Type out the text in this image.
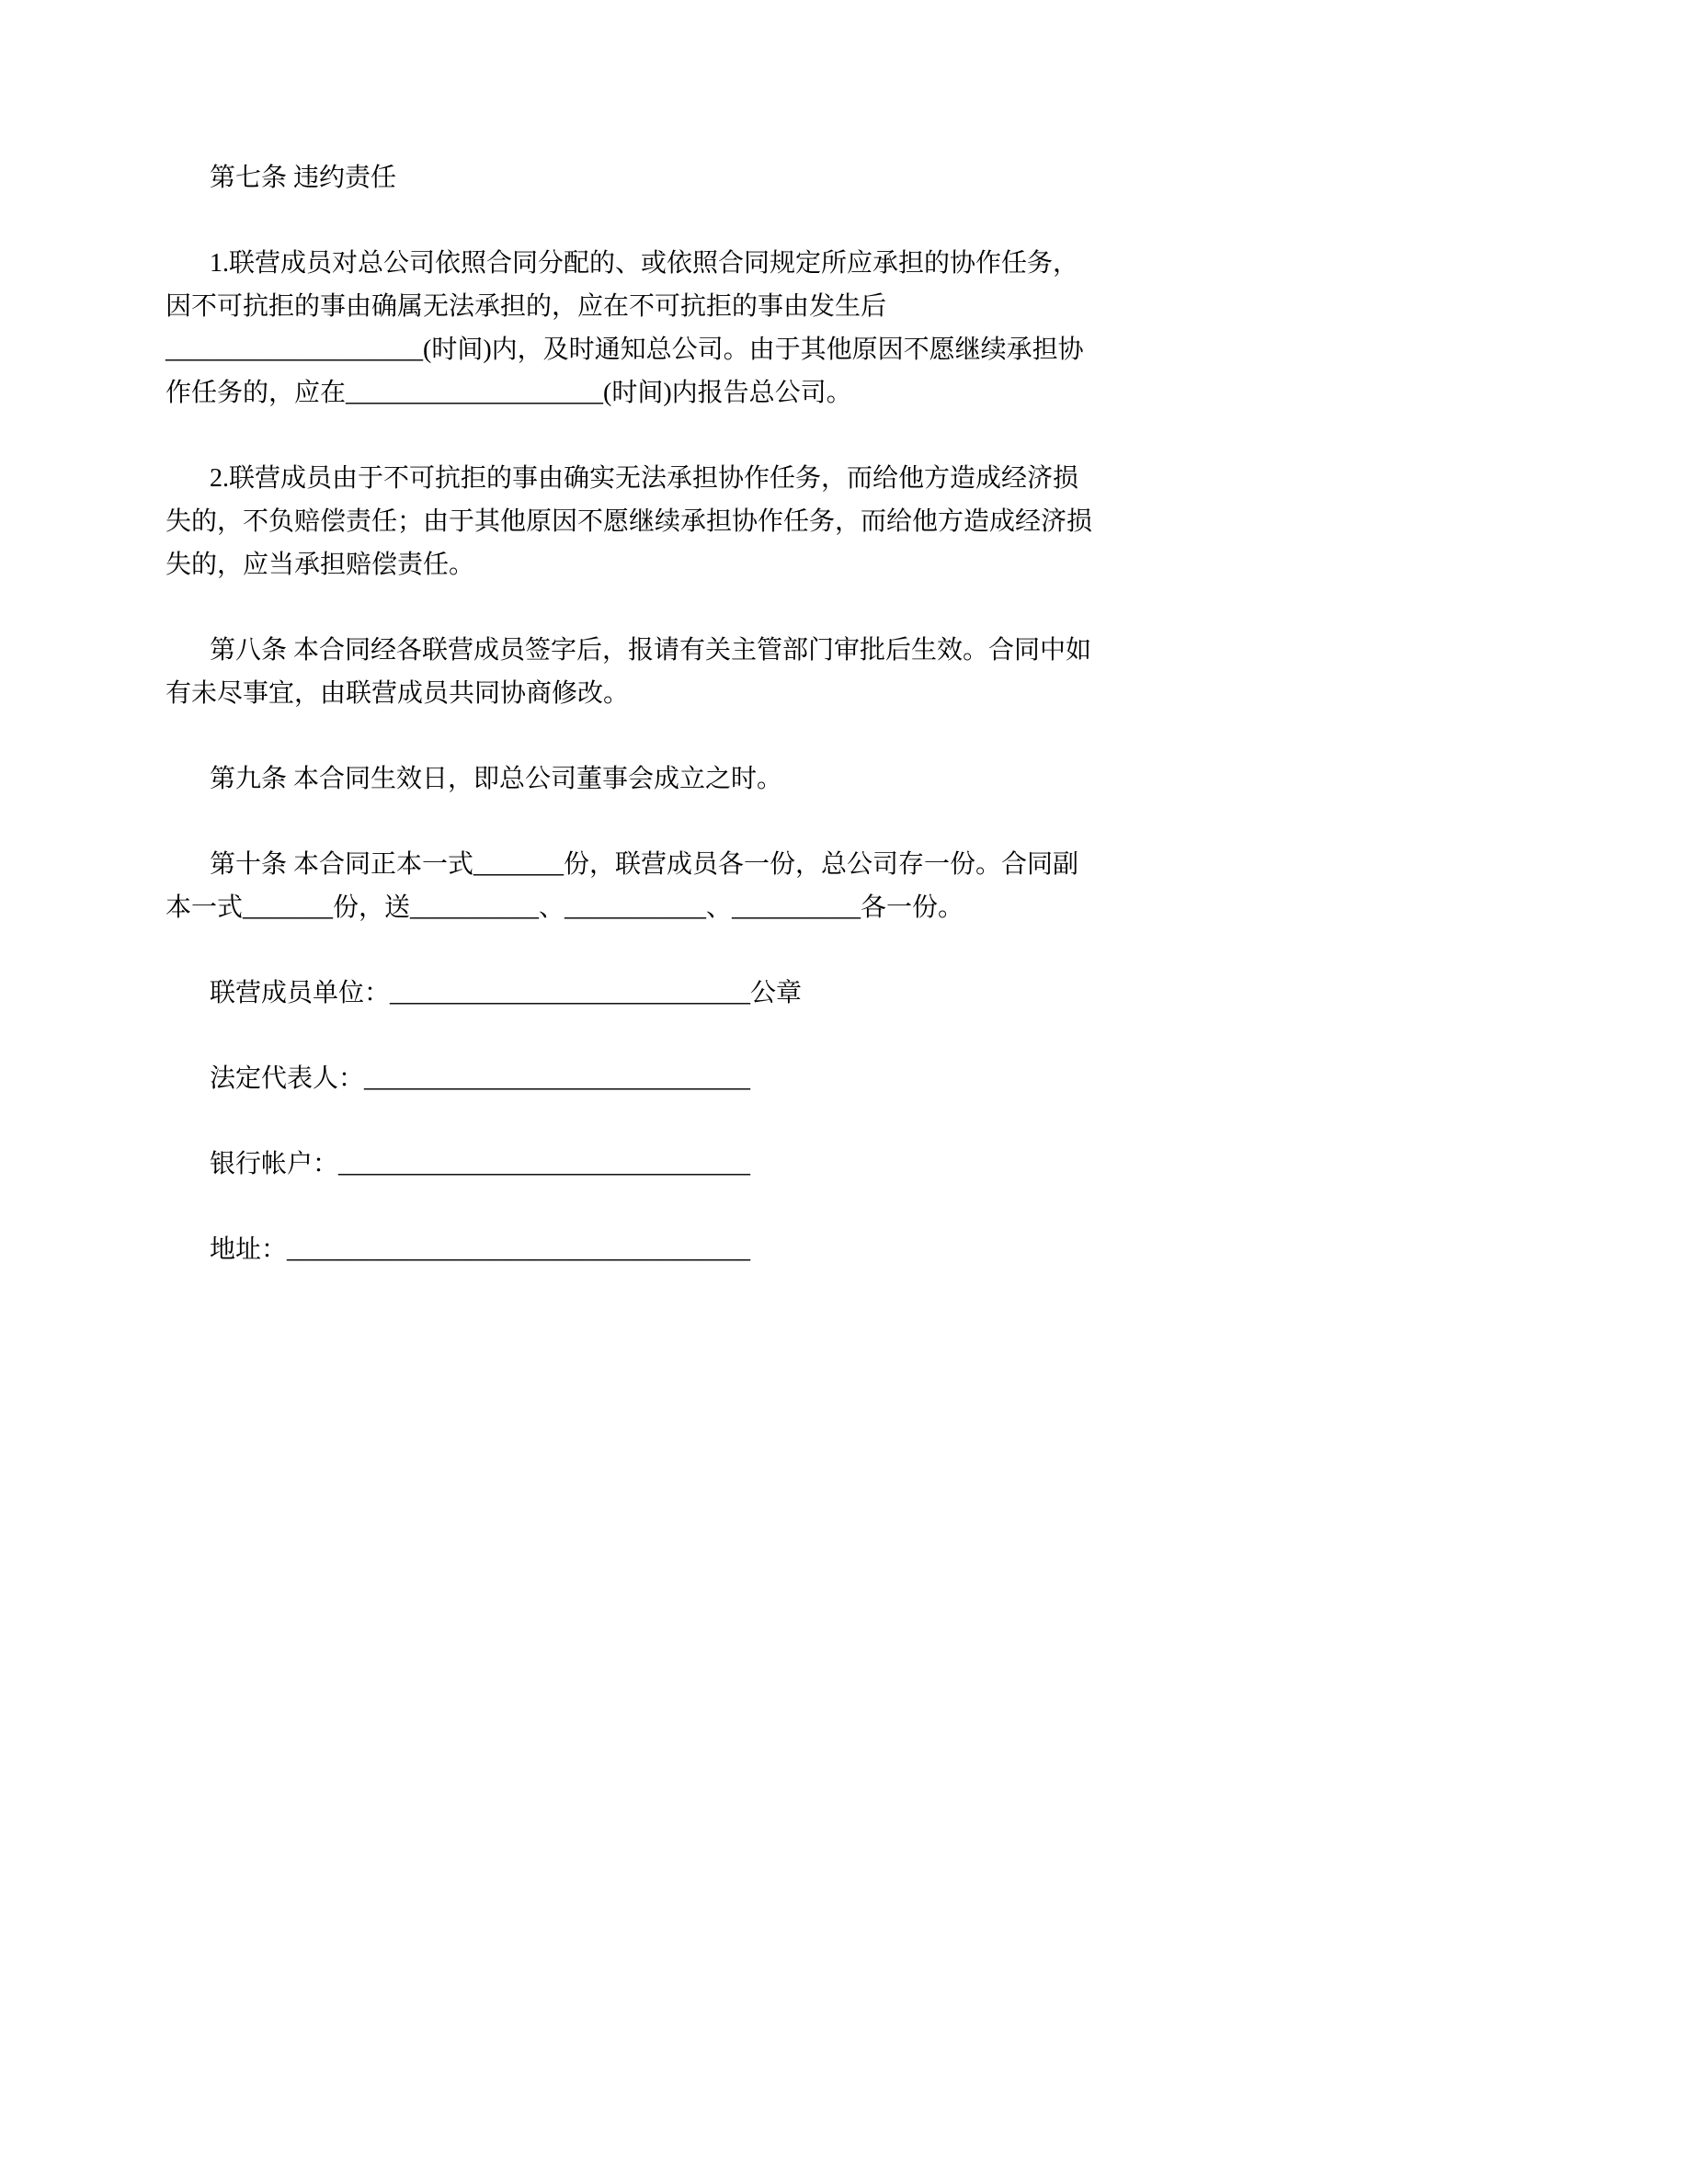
第七条 违约责任

1.联营成员对总公司依照合同分配的、或依照合同规定所应承担的协作任务，因不可抗拒的事由确属无法承担的，应在不可抗拒的事由发生后____________________(时间)内，及时通知总公司。由于其他原因不愿继续承担协作任务的，应在____________________(时间)内报告总公司。

2.联营成员由于不可抗拒的事由确实无法承担协作任务，而给他方造成经济损失的，不负赔偿责任；由于其他原因不愿继续承担协作任务，而给他方造成经济损失的，应当承担赔偿责任。

第八条 本合同经各联营成员签字后，报请有关主管部门审批后生效。合同中如有未尽事宜，由联营成员共同协商修改。

第九条 本合同生效日，即总公司董事会成立之时。

第十条 本合同正本一式_______份，联营成员各一份，总公司存一份。合同副本一式_______份，送__________、___________、__________各一份。

联营成员单位：____________________________公章

法定代表人：______________________________

银行帐户：________________________________

地址：____________________________________
